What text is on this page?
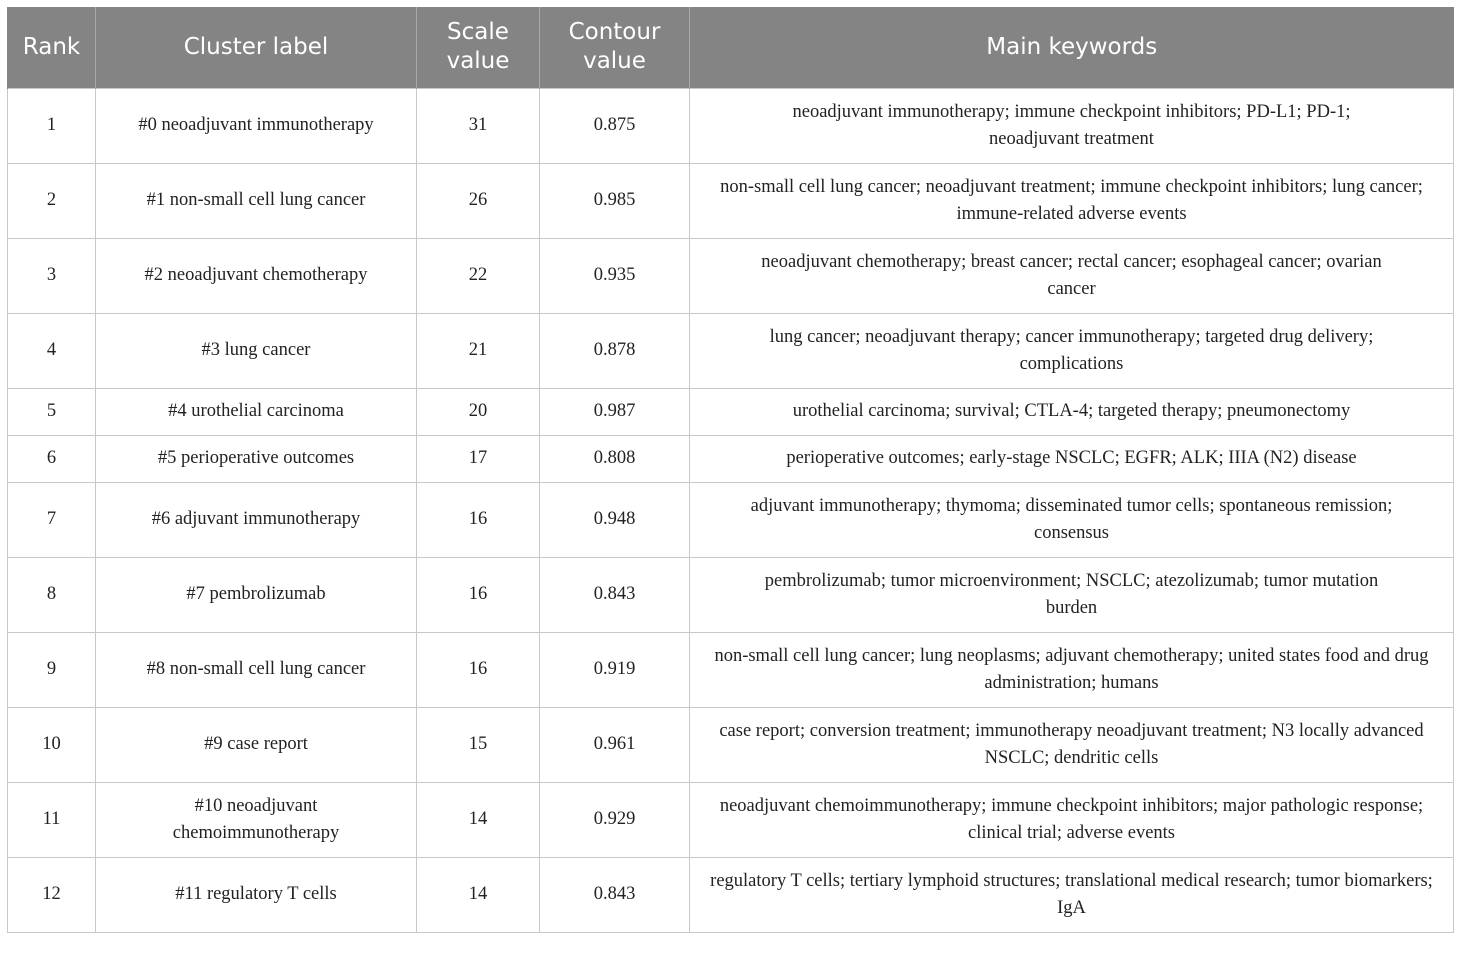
Rank	Cluster label	Scale value	Contour value	Main keywords
1	#0 neoadjuvant immunotherapy	31	0.875	neoadjuvant immunotherapy; immune checkpoint inhibitors; PD-L1; PD-1; neoadjuvant treatment
2	#1 non-small cell lung cancer	26	0.985	non-small cell lung cancer; neoadjuvant treatment; immune checkpoint inhibitors; lung cancer; immune-related adverse events
3	#2 neoadjuvant chemotherapy	22	0.935	neoadjuvant chemotherapy; breast cancer; rectal cancer; esophageal cancer; ovarian cancer
4	#3 lung cancer	21	0.878	lung cancer; neoadjuvant therapy; cancer immunotherapy; targeted drug delivery; complications
5	#4 urothelial carcinoma	20	0.987	urothelial carcinoma; survival; CTLA-4; targeted therapy; pneumonectomy
6	#5 perioperative outcomes	17	0.808	perioperative outcomes; early-stage NSCLC; EGFR; ALK; IIIA (N2) disease
7	#6 adjuvant immunotherapy	16	0.948	adjuvant immunotherapy; thymoma; disseminated tumor cells; spontaneous remission; consensus
8	#7 pembrolizumab	16	0.843	pembrolizumab; tumor microenvironment; NSCLC; atezolizumab; tumor mutation burden
9	#8 non-small cell lung cancer	16	0.919	non-small cell lung cancer; lung neoplasms; adjuvant chemotherapy; united states food and drug administration; humans
10	#9 case report	15	0.961	case report; conversion treatment; immunotherapy neoadjuvant treatment; N3 locally advanced NSCLC; dendritic cells
11	#10 neoadjuvant chemoimmunotherapy	14	0.929	neoadjuvant chemoimmunotherapy; immune checkpoint inhibitors; major pathologic response; clinical trial; adverse events
12	#11 regulatory T cells	14	0.843	regulatory T cells; tertiary lymphoid structures; translational medical research; tumor biomarkers; IgA
